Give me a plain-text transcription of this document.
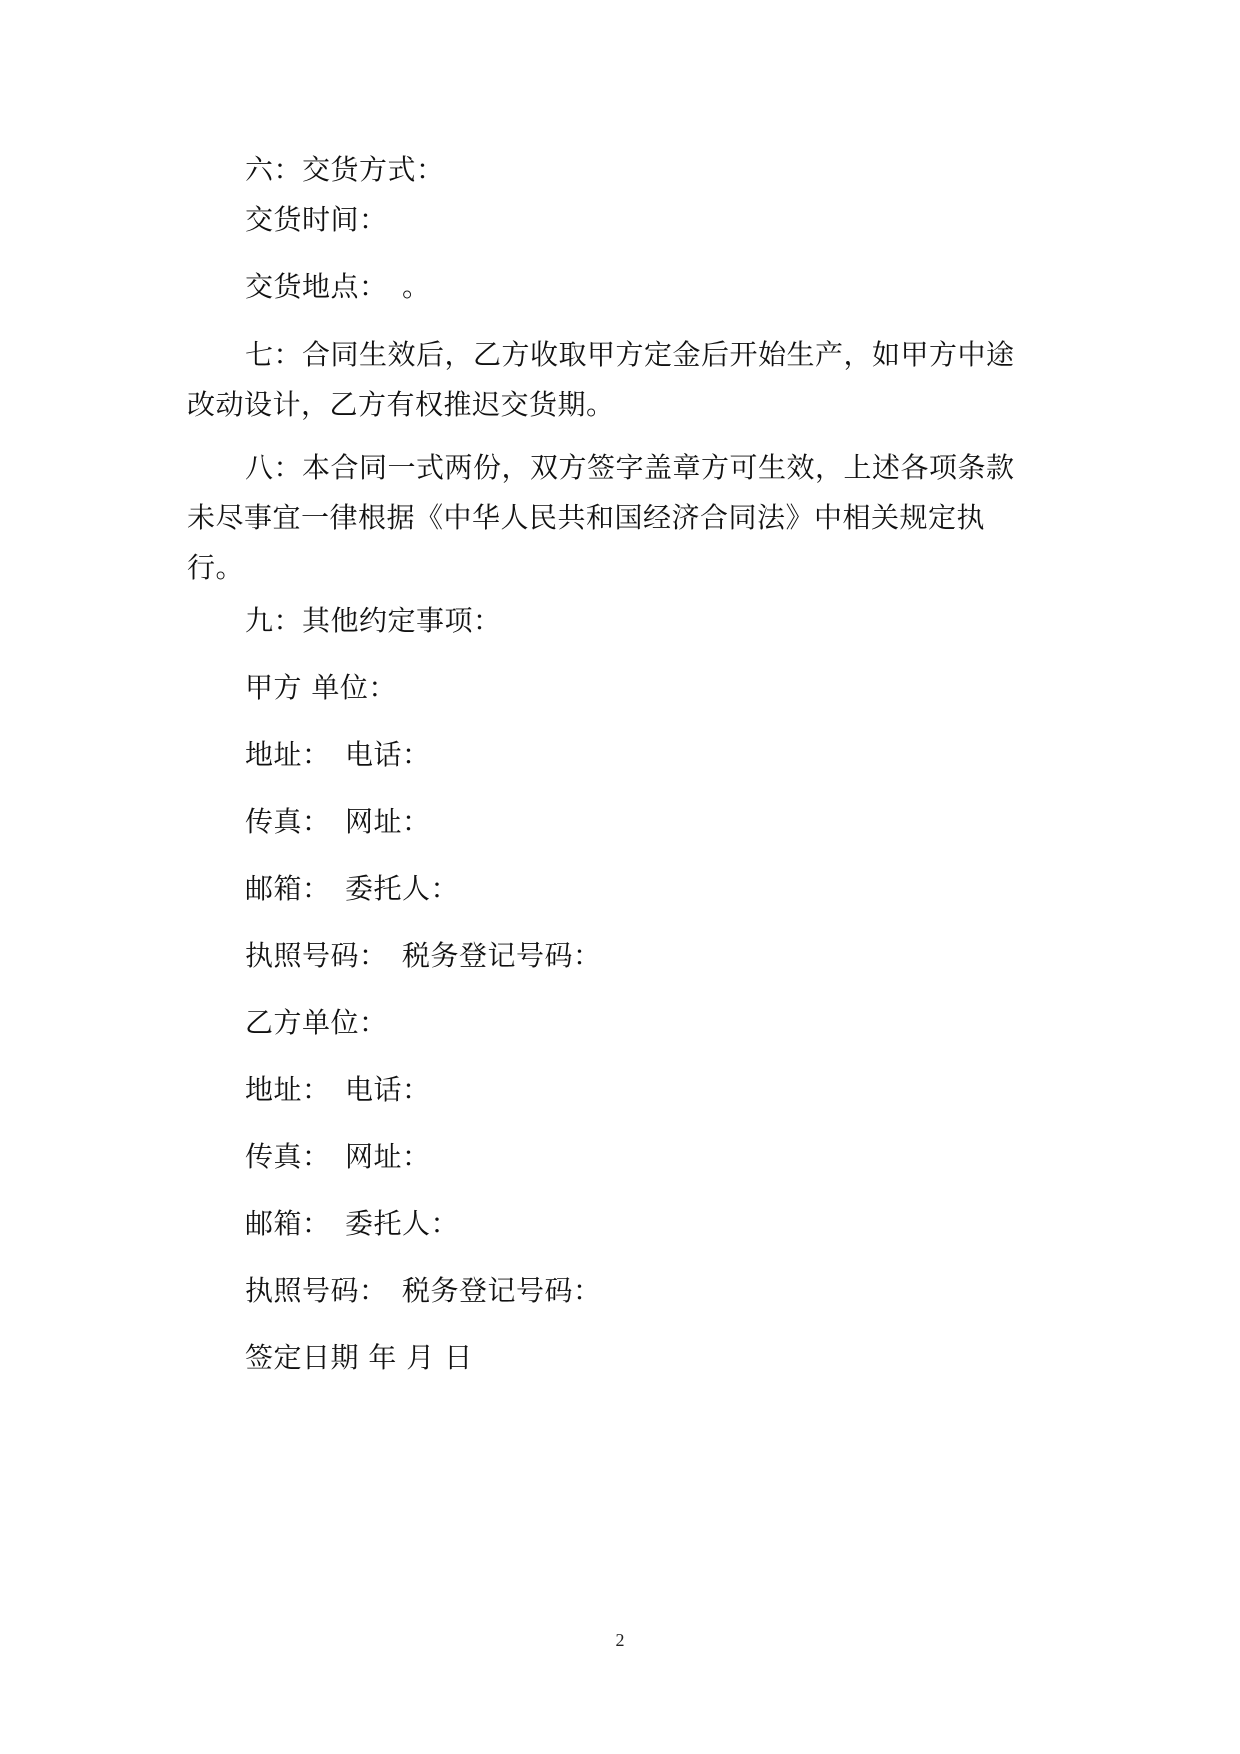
六：交货方式：

交货时间：

交货地点：　。

七：合同生效后，乙方收取甲方定金后开始生产，如甲方中途改动设计，乙方有权推迟交货期。

八：本合同一式两份，双方签字盖章方可生效，上述各项条款未尽事宜一律根据《中华人民共和国经济合同法》中相关规定执行。

九：其他约定事项：

甲方 单位：

地址：　电话：

传真：　网址：

邮箱：　委托人：

执照号码：　税务登记号码：

乙方单位：

地址：　电话：

传真：　网址：

邮箱：　委托人：

执照号码：　税务登记号码：

签定日期 年 月 日

2
